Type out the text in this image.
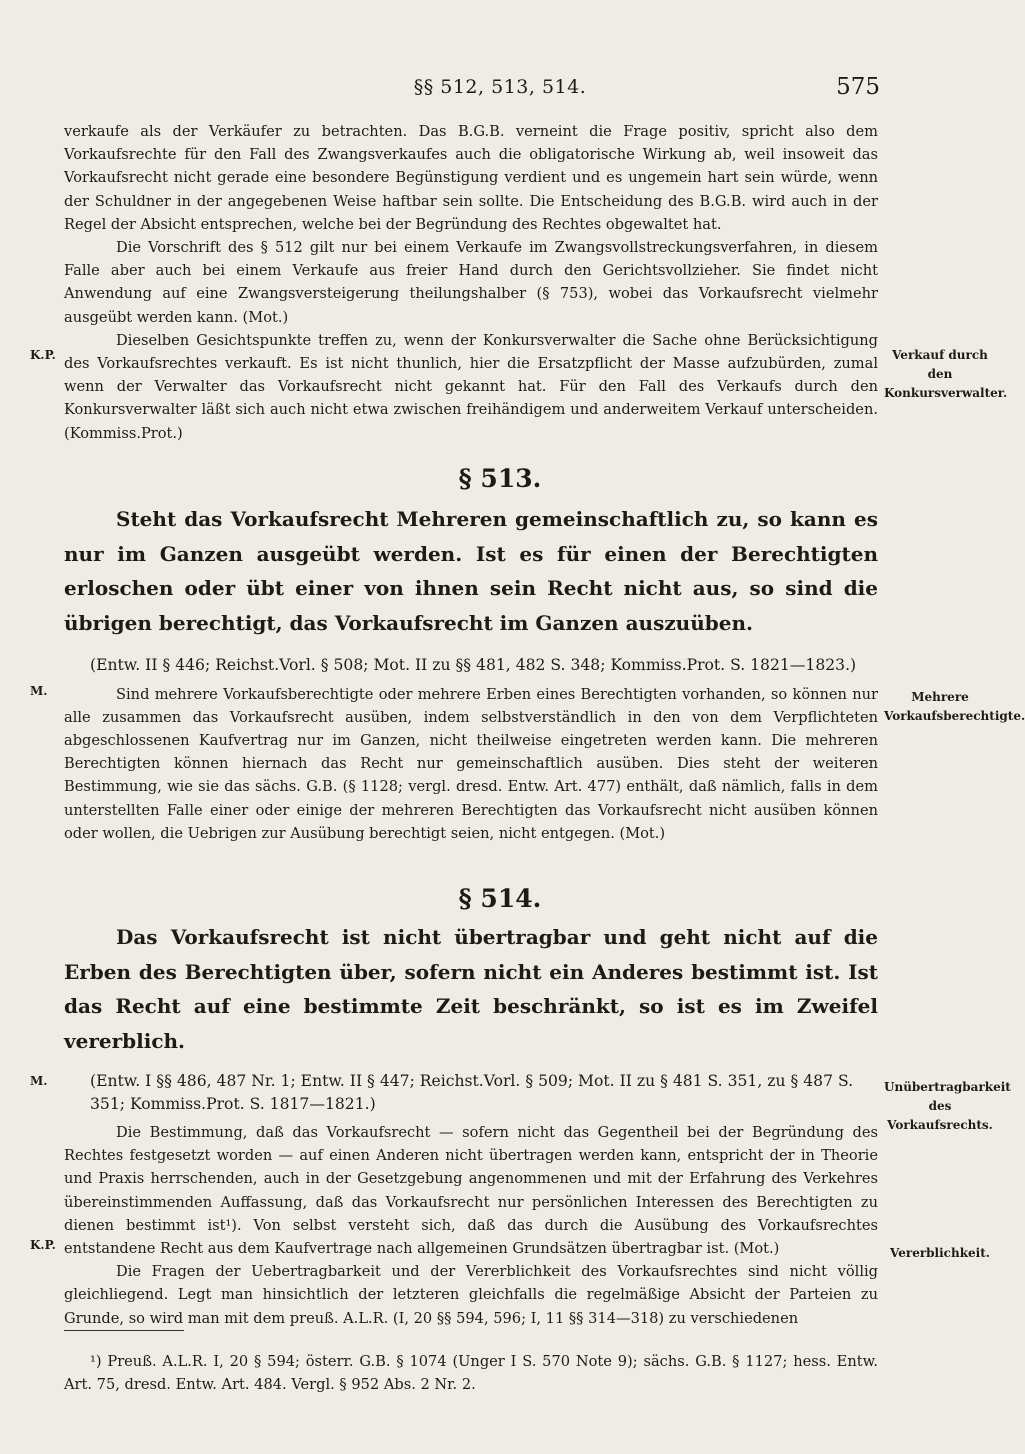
§§ 512, 513, 514.	575

verkaufe als der Verkäufer zu betrachten. Das B.G.B. verneint die Frage positiv, spricht also dem Vorkaufsrechte für den Fall des Zwangsverkaufes auch die obligatorische Wirkung ab, weil insoweit das Vorkaufsrecht nicht gerade eine besondere Begünstigung verdient und es ungemein hart sein würde, wenn der Schuldner in der angegebenen Weise haftbar sein sollte. Die Entscheidung des B.G.B. wird auch in der Regel der Absicht entsprechen, welche bei der Begründung des Rechtes obgewaltet hat.

Die Vorschrift des § 512 gilt nur bei einem Verkaufe im Zwangsvollstreckungsverfahren, in diesem Falle aber auch bei einem Verkaufe aus freier Hand durch den Gerichtsvollzieher. Sie findet nicht Anwendung auf eine Zwangsversteigerung theilungshalber (§ 753), wobei das Vorkaufsrecht vielmehr ausgeübt werden kann. (Mot.)

Dieselben Gesichtspunkte treffen zu, wenn der Konkursverwalter die Sache ohne Berücksichtigung des Vorkaufsrechtes verkauft. Es ist nicht thunlich, hier die Ersatzpflicht der Masse aufzubürden, zumal wenn der Verwalter das Vorkaufsrecht nicht gekannt hat. Für den Fall des Verkaufs durch den Konkursverwalter läßt sich auch nicht etwa zwischen freihändigem und anderweitem Verkauf unterscheiden. (Kommiss.Prot.)

K.P.	Verkauf durch den Konkursverwalter.
§ 513.

Steht das Vorkaufsrecht Mehreren gemeinschaftlich zu, so kann es nur im Ganzen ausgeübt werden. Ist es für einen der Berechtigten erloschen oder übt einer von ihnen sein Recht nicht aus, so sind die übrigen berechtigt, das Vorkaufsrecht im Ganzen auszuüben.

(Entw. II § 446; Reichst.Vorl. § 508; Mot. II zu §§ 481, 482 S. 348; Kommiss.Prot. S. 1821—1823.)

Sind mehrere Vorkaufsberechtigte oder mehrere Erben eines Berechtigten vorhanden, so können nur alle zusammen das Vorkaufsrecht ausüben, indem selbstverständlich in den von dem Verpflichteten abgeschlossenen Kaufvertrag nur im Ganzen, nicht theilweise eingetreten werden kann. Die mehreren Berechtigten können hiernach das Recht nur gemeinschaftlich ausüben. Dies steht der weiteren Bestimmung, wie sie das sächs. G.B. (§ 1128; vergl. dresd. Entw. Art. 477) enthält, daß nämlich, falls in dem unterstellten Falle einer oder einige der mehreren Berechtigten das Vorkaufsrecht nicht ausüben können oder wollen, die Uebrigen zur Ausübung berechtigt seien, nicht entgegen. (Mot.)

M.	Mehrere Vorkaufsberechtigte.
§ 514.

Das Vorkaufsrecht ist nicht übertragbar und geht nicht auf die Erben des Berechtigten über, sofern nicht ein Anderes bestimmt ist. Ist das Recht auf eine bestimmte Zeit beschränkt, so ist es im Zweifel vererblich.

(Entw. I §§ 486, 487 Nr. 1; Entw. II § 447; Reichst.Vorl. § 509; Mot. II zu § 481 S. 351, zu § 487 S. 351; Kommiss.Prot. S. 1817—1821.)

Die Bestimmung, daß das Vorkaufsrecht — sofern nicht das Gegentheil bei der Begründung des Rechtes festgesetzt worden — auf einen Anderen nicht übertragen werden kann, entspricht der in Theorie und Praxis herrschenden, auch in der Gesetzgebung angenommenen und mit der Erfahrung des Verkehres übereinstimmenden Auffassung, daß das Vorkaufsrecht nur persönlichen Interessen des Berechtigten zu dienen bestimmt ist¹). Von selbst versteht sich, daß das durch die Ausübung des Vorkaufsrechtes entstandene Recht aus dem Kaufvertrage nach allgemeinen Grundsätzen übertragbar ist. (Mot.)

Die Fragen der Uebertragbarkeit und der Vererblichkeit des Vorkaufsrechtes sind nicht völlig gleichliegend. Legt man hinsichtlich der letzteren gleichfalls die regelmäßige Absicht der Parteien zu Grunde, so wird man mit dem preuß. A.L.R. (I, 20 §§ 594, 596; I, 11 §§ 314—318) zu verschiedenen

M.	Unübertragbarkeit des Vorkaufsrechts.
K.P.
Vererblichkeit.

¹) Preuß. A.L.R. I, 20 § 594; österr. G.B. § 1074 (Unger I S. 570 Note 9); sächs. G.B. § 1127; hess. Entw. Art. 75, dresd. Entw. Art. 484. Vergl. § 952 Abs. 2 Nr. 2.
